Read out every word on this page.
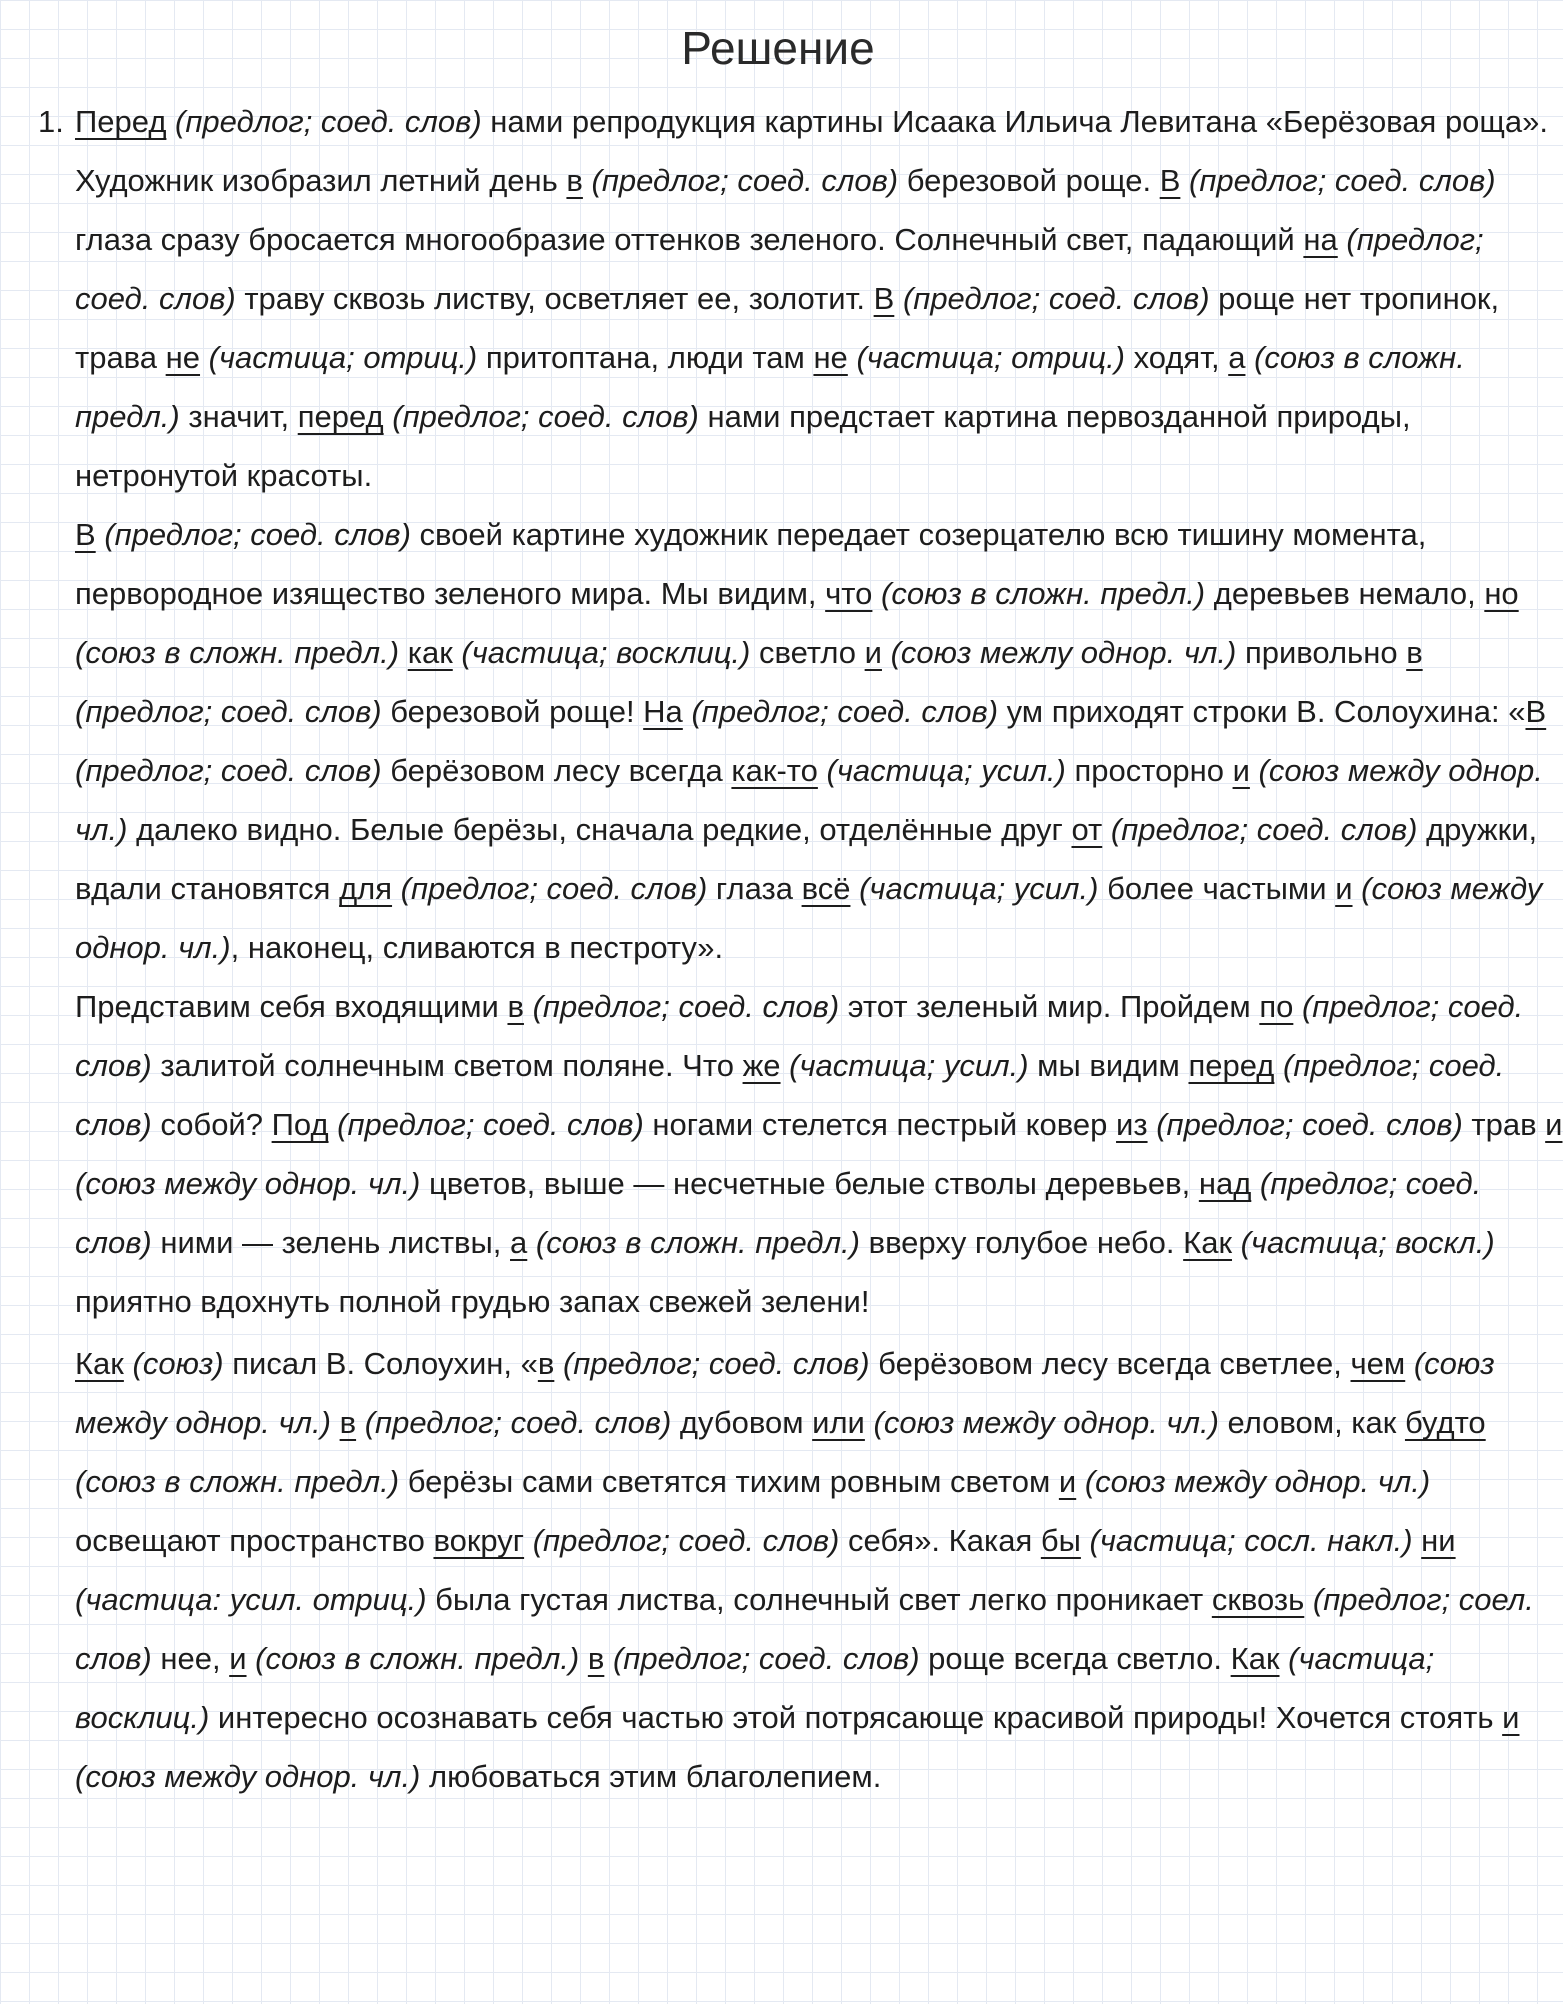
Решение
1. Перед (предлог; соед. слов) нами репродукция картины Исаака Ильича Левитана «Берёзовая роща». Художник изобразил летний день в (предлог; соед. слов) березовой роще. В (предлог; соед. слов) глаза сразу бросается многообразие оттенков зеленого. Солнечный свет, падающий на (предлог; соед. слов) траву сквозь листву, осветляет ее, золотит. В (предлог; соед. слов) роще нет тропинок, трава не (частица; отриц.) притоптана, люди там не (частица; отриц.) ходят, а (союз в сложн. предл.) значит, перед (предлог; соед. слов) нами предстает картина первозданной природы, нетронутой красоты.

В (предлог; соед. слов) своей картине художник передает созерцателю всю тишину момента, первородное изящество зеленого мира. Мы видим, что (союз в сложн. предл.) деревьев немало, но (союз в сложн. предл.) как (частица; восклиц.) светло и (союз межлу однор. чл.) привольно в (предлог; соед. слов) березовой роще! На (предлог; соед. слов) ум приходят строки В. Солоухина: «В (предлог; соед. слов) берёзовом лесу всегда как-то (частица; усил.) просторно и (союз между однор. чл.) далеко видно. Белые берёзы, сначала редкие, отделённые друг от (предлог; соед. слов) дружки, вдали становятся для (предлог; соед. слов) глаза всё (частица; усил.) более частыми и (союз между однор. чл.), наконец, сливаются в пестроту».

Представим себя входящими в (предлог; соед. слов) этот зеленый мир. Пройдем по (предлог; соед. слов) залитой солнечным светом поляне. Что же (частица; усил.) мы видим перед (предлог; соед. слов) собой? Под (предлог; соед. слов) ногами стелется пестрый ковер из (предлог; соед. слов) трав и (союз между однор. чл.) цветов, выше — несчетные белые стволы деревьев, над (предлог; соед. слов) ними — зелень листвы, а (союз в сложн. предл.) вверху голубое небо. Как (частица; воскл.) приятно вдохнуть полной грудью запах свежей зелени!

Как (союз) писал В. Солоухин, «в (предлог; соед. слов) берёзовом лесу всегда светлее, чем (союз между однор. чл.) в (предлог; соед. слов) дубовом или (союз между однор. чл.) еловом, как будто (союз в сложн. предл.) берёзы сами светятся тихим ровным светом и (союз между однор. чл.) освещают пространство вокруг (предлог; соед. слов) себя». Какая бы (частица; сосл. накл.) ни (частица: усил. отриц.) была густая листва, солнечный свет легко проникает сквозь (предлог; соел. слов) нее, и (союз в сложн. предл.) в (предлог; соед. слов) роще всегда светло. Как (частица; восклиц.) интересно осознавать себя частью этой потрясающе красивой природы! Хочется стоять и (союз между однор. чл.) любоваться этим благолепием.
